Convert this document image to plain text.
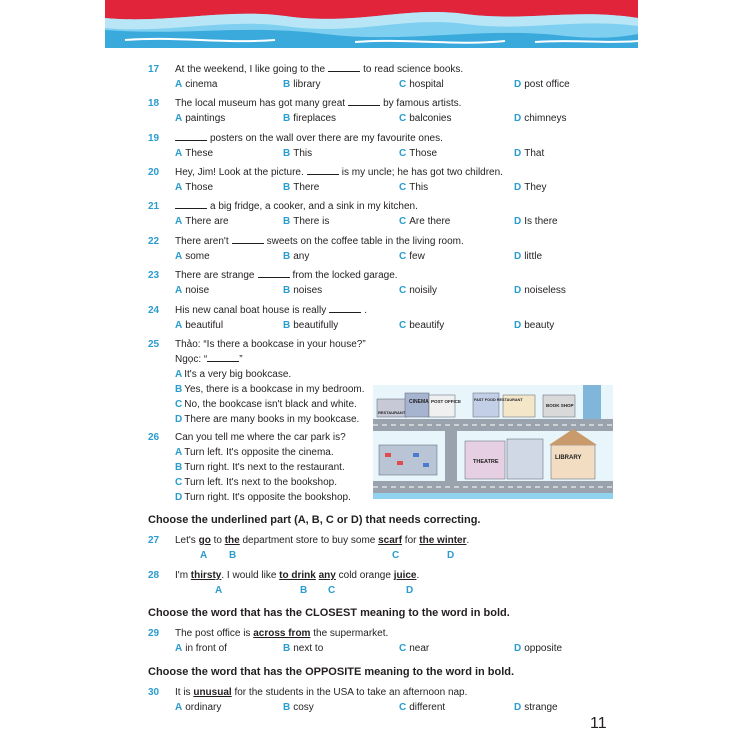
17	At the weekend, I like going to the	to read science books.
A cinema	B library	C hospital	D post office
18	The local museum has got many great	by famous artists.
A paintings	B fireplaces	C balconies	D chimneys
19	posters on the wall over there are my favourite ones.
A These	B This	C Those	D That
20	Hey, Jim! Look at the picture.	is my uncle; he has got two children.
A Those	B There	C This	D They
21	a big fridge, a cooker, and a sink in my kitchen.
A There are	B There is	C Are there	D Is there
22	There aren't	sweets on the coffee table in the living room.
A some	B any	C few	D little
23	There are strange	from the locked garage.
A noise	B noises	C noisily	D noiseless
24	His new canal boat house is really	.
A beautiful	B beautifully	C beautify	D beauty
25	Thảo: “Is there a bookcase in your house?”
Ngọc: “	”
A It's a very big bookcase.
B Yes, there is a bookcase in my bedroom.
C No, the bookcase isn't black and white.
D There are many books in my bookcase.
26	Can you tell me where the car park is?
A Turn left. It's opposite the cinema.
B Turn right. It's next to the restaurant.
C Turn left. It's next to the bookshop.
D Turn right. It's opposite the bookshop.
CINEMA POST OFFICE
RESTAURANT
FAST FOOD RESTAURANT
BOOK SHOP
THEATRE
LIBRARY
Choose the underlined part (A, B, C or D) that needs correcting.
27	Let's go to the department store to buy some scarf for the winter.
A B	C	D
28	I'm thirsty. I would like to drink any cold orange juice.
A	B C	D
Choose the word that has the CLOSEST meaning to the word in bold.
29	The post office is across from the supermarket.
A in front of	B next to	C near	D opposite
Choose the word that has the OPPOSITE meaning to the word in bold.
30	It is unusual for the students in the USA to take an afternoon nap.
A ordinary	B cosy	C different	D strange
11
